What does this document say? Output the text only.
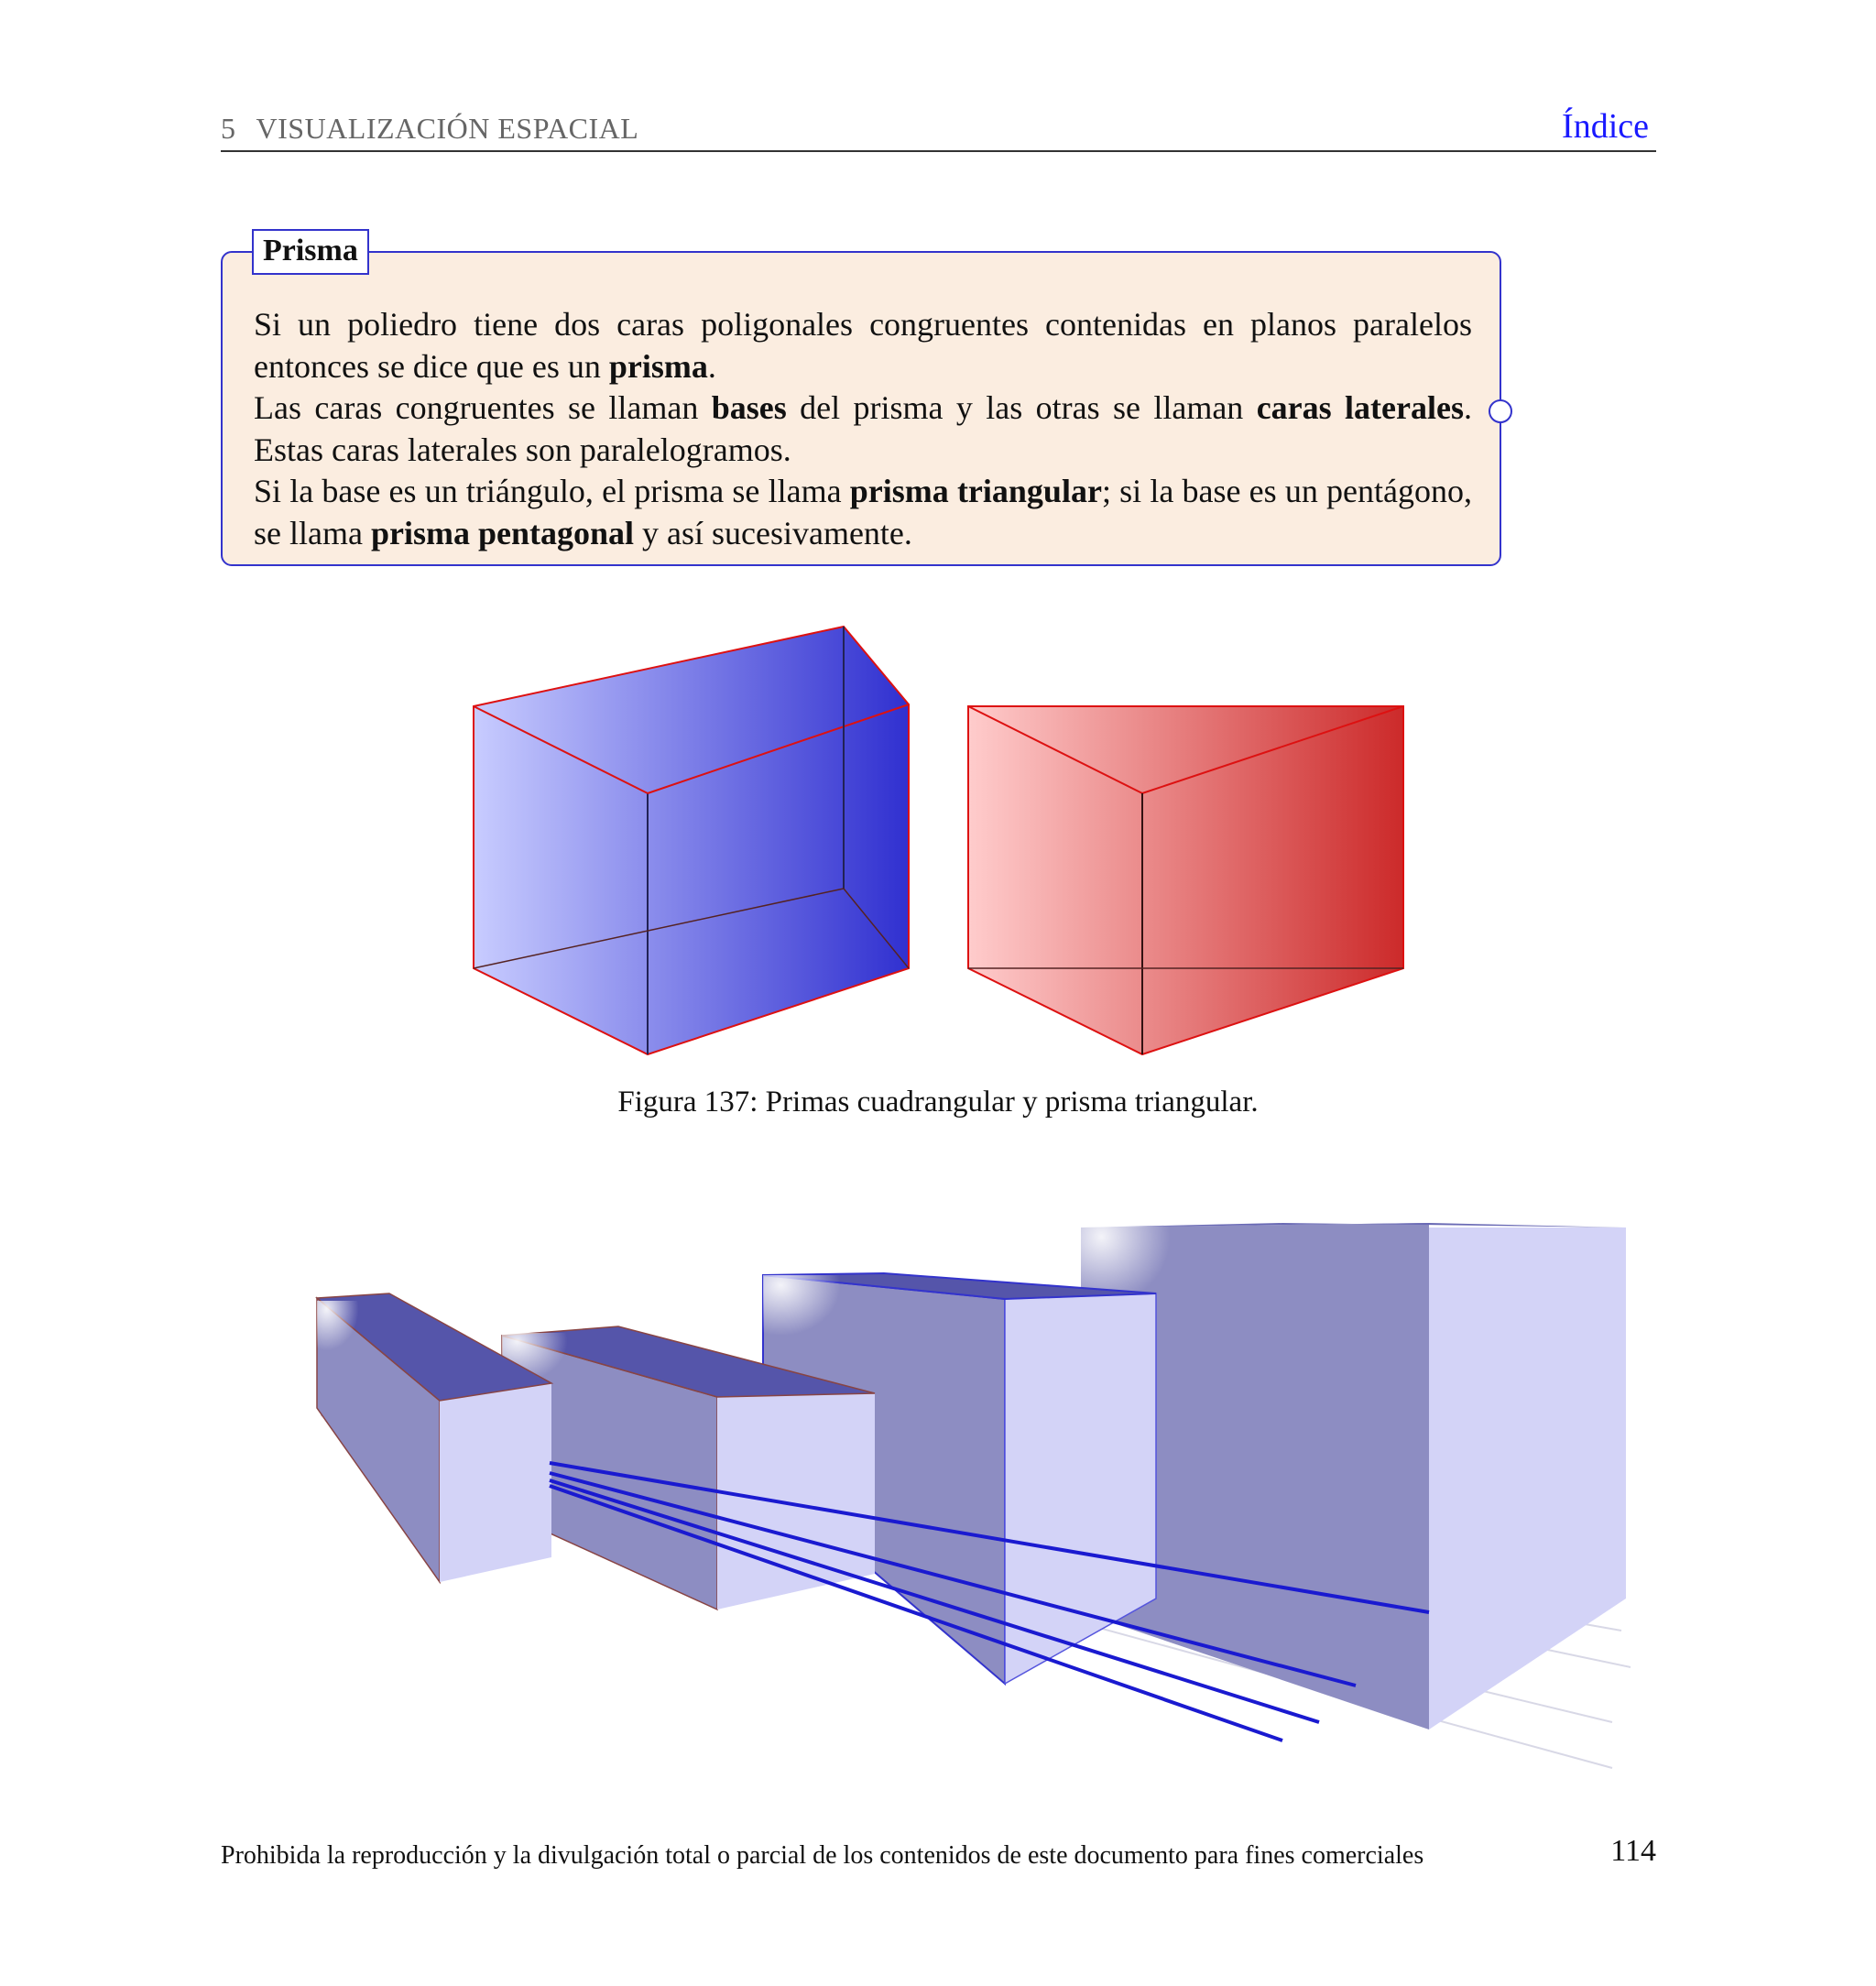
5 VISUALIZACIÓN ESPACIAL	Índice
Prisma

Si un poliedro tiene dos caras poligonales congruentes contenidas en planos paralelos entonces se dice que es un prisma.

Las caras congruentes se llaman bases del prisma y las otras se llaman caras laterales. Estas caras laterales son paralelogramos.

Si la base es un triángulo, el prisma se llama prisma triangular; si la base es un pentágono, se llama prisma pentagonal y así sucesivamente.

Figura 137: Primas cuadrangular y prisma triangular.
Prohibida la reproducción y la divulgación total o parcial de los contenidos de este documento para fines comerciales	114
